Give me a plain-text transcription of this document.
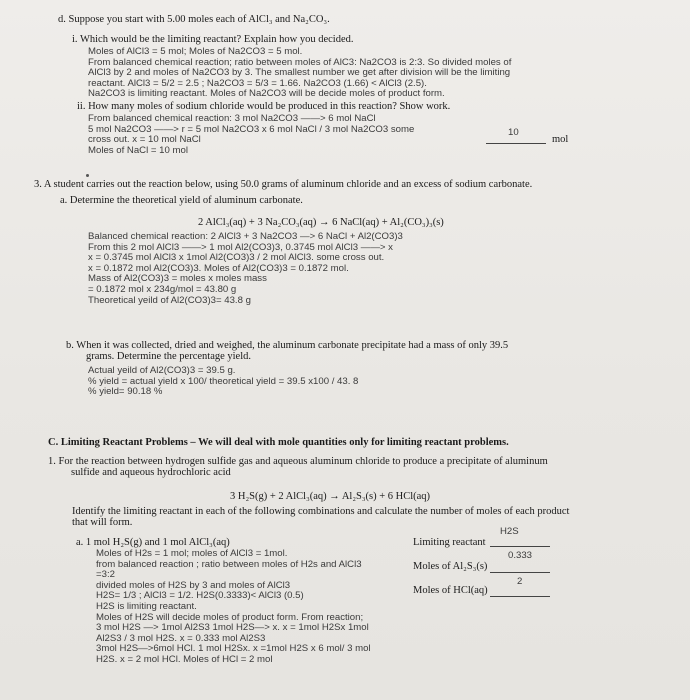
d. Suppose you start with 5.00 moles each of AlCl₃ and Na₂CO₃.
i. Which would be the limiting reactant? Explain how you decided.
Moles of AlCl3 = 5 mol; Moles of Na2CO3 = 5 mol.
From balanced chemical reaction; ratio between moles of AlC3: Na2CO3 is 2:3. So divided moles of
AlCl3 by 2 and moles of Na2CO3 by 3. The smallest number we get after division will be the limiting
reactant. AlCl3 = 5/2 = 2.5 ; Na2CO3 = 5/3 = 1.66. Na2CO3 (1.66) < AlCl3 (2.5).
Na2CO3 is limiting reactant. Moles of Na2CO3 will be decide moles of product form.
ii. How many moles of sodium chloride would be produced in this reaction? Show work.
From balanced chemical reaction: 3 mol Na2CO3 ——> 6 mol NaCl
5 mol Na2CO3 ——> r = 5 mol Na2CO3 x 6 mol NaCl / 3 mol Na2CO3 some
cross out. x = 10 mol NaCl
Moles of NaCl = 10 mol
10
mol
3. A student carries out the reaction below, using 50.0 grams of aluminum chloride and an excess of sodium carbonate.
a. Determine the theoretical yield of aluminum carbonate.
2 AlCl₃(aq) + 3 Na₂CO₃(aq) → 6 NaCl(aq) + Al₂(CO₃)₃(s)
Balanced chemical reaction: 2 AlCl3 + 3 Na2CO3 —> 6 NaCl + Al2(CO3)3
From this 2 mol AlCl3 ——> 1 mol Al2(CO3)3, 0.3745 mol AlCl3 ——> x
x = 0.3745 mol AlCl3 x 1mol Al2(CO3)3 / 2 mol AlCl3. some cross out.
x = 0.1872 mol Al2(CO3)3. Moles of Al2(CO3)3 = 0.1872 mol.
Mass of Al2(CO3)3 = moles x moles mass
= 0.1872 mol x 234g/mol = 43.80 g
Theoretical yeild of Al2(CO3)3= 43.8 g
b. When it was collected, dried and weighed, the aluminum carbonate precipitate had a mass of only 39.5
grams. Determine the percentage yield.
Actual yeild of Al2(CO3)3 = 39.5 g.
% yield = actual yield x 100/ theoretical yield = 39.5 x100 / 43. 8
% yield= 90.18 %
C. Limiting Reactant Problems – We will deal with mole quantities only for limiting reactant problems.
1. For the reaction between hydrogen sulfide gas and aqueous aluminum chloride to produce a precipitate of aluminum
sulfide and aqueous hydrochloric acid
3 H₂S(g) + 2 AlCl₃(aq) → Al₂S₃(s) + 6 HCl(aq)
Identify the limiting reactant in each of the following combinations and calculate the number of moles of each product
that will form.
a. 1 mol H₂S(g) and 1 mol AlCl₃(aq)
Moles of H2s = 1 mol; moles of AlCl3 = 1mol.
from balanced reaction ; ratio between moles of H2s and AlCl3
=3:2
divided moles of H2S by 3 and moles of AlCl3
H2S= 1/3 ; AlCl3 = 1/2. H2S(0.3333)< AlCl3 (0.5)
H2S is limiting reactant.
Moles of H2S will decide moles of product form. From reaction;
3 mol H2S —> 1mol Al2S3 1mol H2S—> x. x = 1mol H2Sx 1mol
Al2S3 / 3 mol H2S. x = 0.333 mol Al2S3
3mol H2S—>6mol HCl. 1 mol H2Sx. x =1mol H2S x 6 mol/ 3 mol
H2S. x = 2 mol HCl. Moles of HCl = 2 mol
H2S
Limiting reactant
0.333
Moles of Al₂S₃(s)
2
Moles of HCl(aq)
